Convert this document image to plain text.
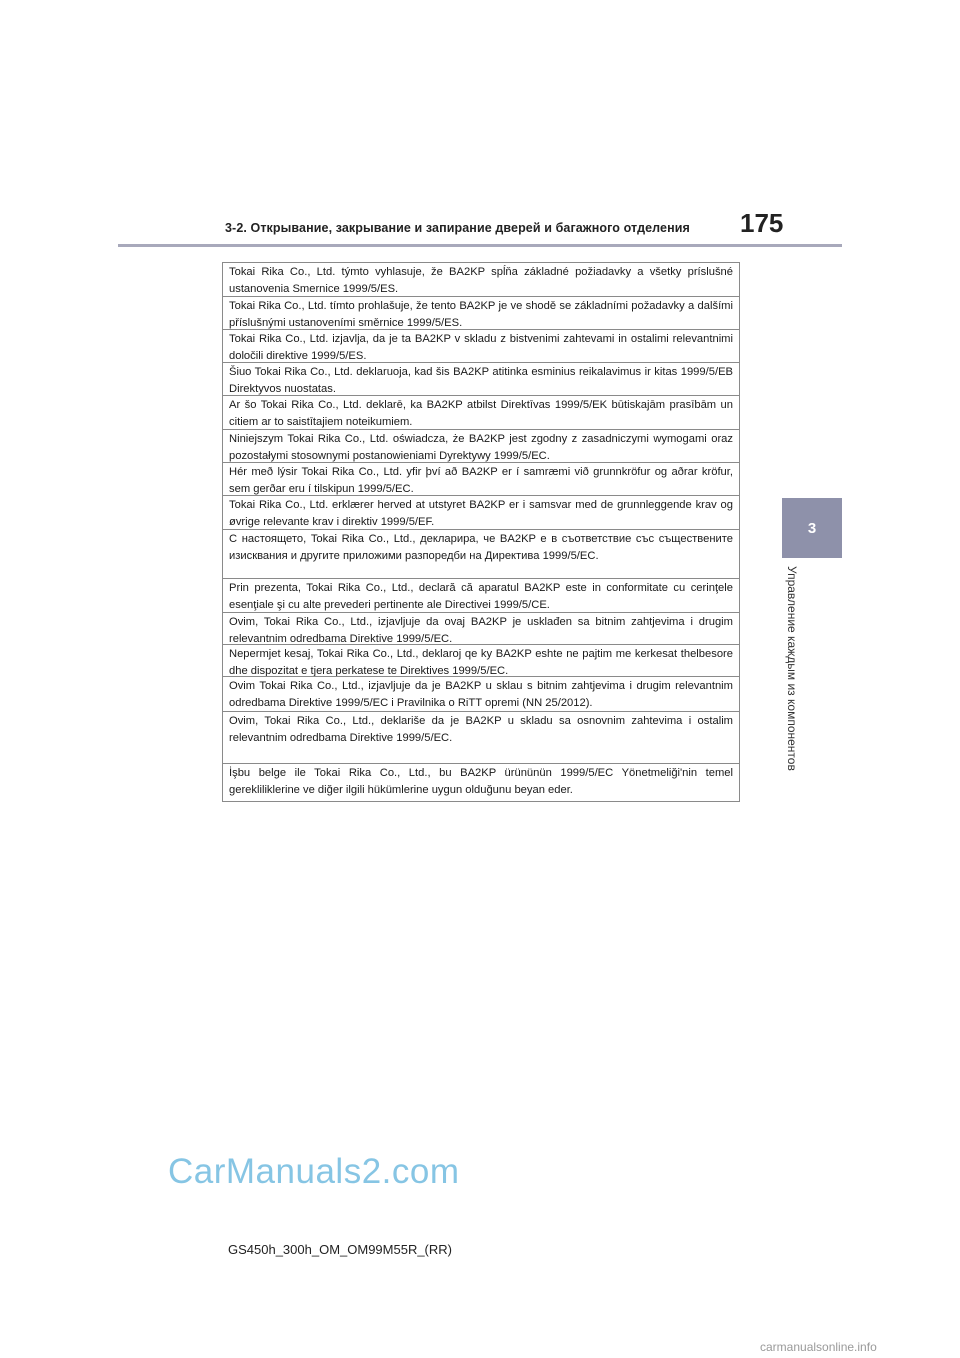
3-2. Открывание, закрывание и запирание дверей и багажного отделения	175
3
Управление каждым из компонентов
Tokai Rika Co., Ltd. týmto vyhlasuje, že BA2KP spĺňa základné požiadavky a všetky príslušné ustanovenia Smernice 1999/5/ES.
Tokai Rika Co., Ltd. tímto prohlašuje, že tento BA2KP je ve shodě se základními požadavky a dalšími příslušnými ustanoveními směrnice 1999/5/ES.
Tokai Rika Co., Ltd. izjavlja, da je ta BA2KP v skladu z bistvenimi zahtevami in ostalimi relevantnimi določili direktive 1999/5/ES.
Šiuo Tokai Rika Co., Ltd. deklaruoja, kad šis BA2KP atitinka esminius reikalavimus ir kitas 1999/5/EB Direktyvos nuostatas.
Ar šo Tokai Rika Co., Ltd. deklarē, ka BA2KP atbilst Direktīvas 1999/5/EK būtiskajām prasībām un citiem ar to saistītajiem noteikumiem.
Niniejszym Tokai Rika Co., Ltd. oświadcza, że BA2KP jest zgodny z zasadniczymi wymogami oraz pozostałymi stosownymi postanowieniami Dyrektywy 1999/5/EC.
Hér með lýsir Tokai Rika Co., Ltd. yfir því að BA2KP er í samræmi við grunnkröfur og aðrar kröfur, sem gerðar eru í tilskipun 1999/5/EC.
Tokai Rika Co., Ltd. erklærer herved at utstyret BA2KP er i samsvar med de grunnleggende krav og øvrige relevante krav i direktiv 1999/5/EF.
С настоящето, Tokai Rika Co., Ltd., декларира, че BA2KP е в съответствие със съществените изисквания и другите приложими разпоредби на Директива 1999/5/ЕС.
Prin prezenta, Tokai Rika Co., Ltd., declară că aparatul BA2KP este in conformitate cu cerinţele esenţiale şi cu alte prevederi pertinente ale Directivei 1999/5/CE.
Ovim, Tokai Rika Co., Ltd., izjavljuje da ovaj BA2KP je usklađen sa bitnim zahtjevima i drugim relevantnim odredbama Direktive 1999/5/EC.
Nepermjet kesaj, Tokai Rika Co., Ltd., deklaroj qe ky BA2KP eshte ne pajtim me kerkesat thelbesore dhe dispozitat e tjera perkatese te Direktives 1999/5/EC.
Ovim Tokai Rika Co., Ltd., izjavljuje da je BA2KP u sklau s bitnim zahtjevima i drugim relevantnim odredbama Direktive 1999/5/EC i Pravilnika o RiTT opremi (NN 25/2012).
Ovim, Tokai Rika Co., Ltd., deklariše da je BA2KP u skladu sa osnovnim zahtevima i ostalim relevantnim odredbama Direktive 1999/5/EC.
İşbu belge ile Tokai Rika Co., Ltd., bu BA2KP ürününün 1999/5/EC Yönetmeliği'nin temel gerekliliklerine ve diğer ilgili hükümlerine uygun olduğunu beyan eder.
CarManuals2.com
GS450h_300h_OM_OM99M55R_(RR)
carmanualsonline.info
